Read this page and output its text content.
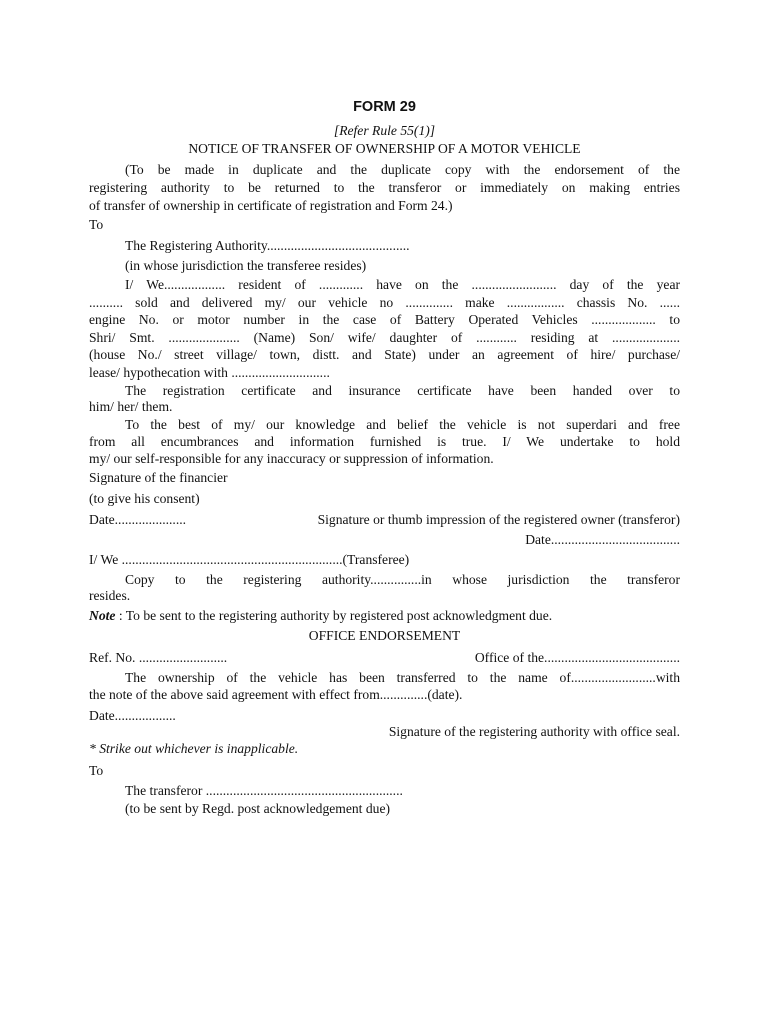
FORM 29
[Refer Rule 55(1)]
NOTICE OF TRANSFER OF OWNERSHIP OF A MOTOR VEHICLE
(To be made in duplicate and the duplicate copy with the endorsement of the
registering authority to be returned to the transferor or immediately on making entries
of transfer of ownership in certificate of registration and Form 24.)
To
The Registering Authority..........................................
(in whose jurisdiction the transferee resides)
I/ We.................. resident of ............. have on the ......................... day of the year
.......... sold and delivered my/ our vehicle no .............. make ................. chassis No. ......
engine No. or motor number in the case of Battery Operated Vehicles ................... to
Shri/ Smt. ..................... (Name) Son/ wife/ daughter of ............ residing at ....................
(house No./ street village/ town, distt. and State) under an agreement of hire/ purchase/
lease/ hypothecation with .............................
The registration certificate and insurance certificate have been handed over to
him/ her/ them.
To the best of my/ our knowledge and belief the vehicle is not superdari and free
from all encumbrances and information furnished is true. I/ We undertake to hold
my/ our self-responsible for any inaccuracy or suppression of information.
Signature of the financier
(to give his consent)
Date.....................	Signature or thumb impression of the registered owner (transferor)
Date......................................
I/ We .................................................................(Transferee)
Copy to the registering authority...............in whose jurisdiction the transferor
resides.
Note : To be sent to the registering authority by registered post acknowledgment due.
OFFICE ENDORSEMENT
Ref. No. ..........................	Office of the........................................
The ownership of the vehicle has been transferred to the name of.........................with
the note of the above said agreement with effect from..............(date).
Date..................
Signature of the registering authority with office seal.
* Strike out whichever is inapplicable.
To
The transferor ..........................................................
(to be sent by Regd. post acknowledgement due)
